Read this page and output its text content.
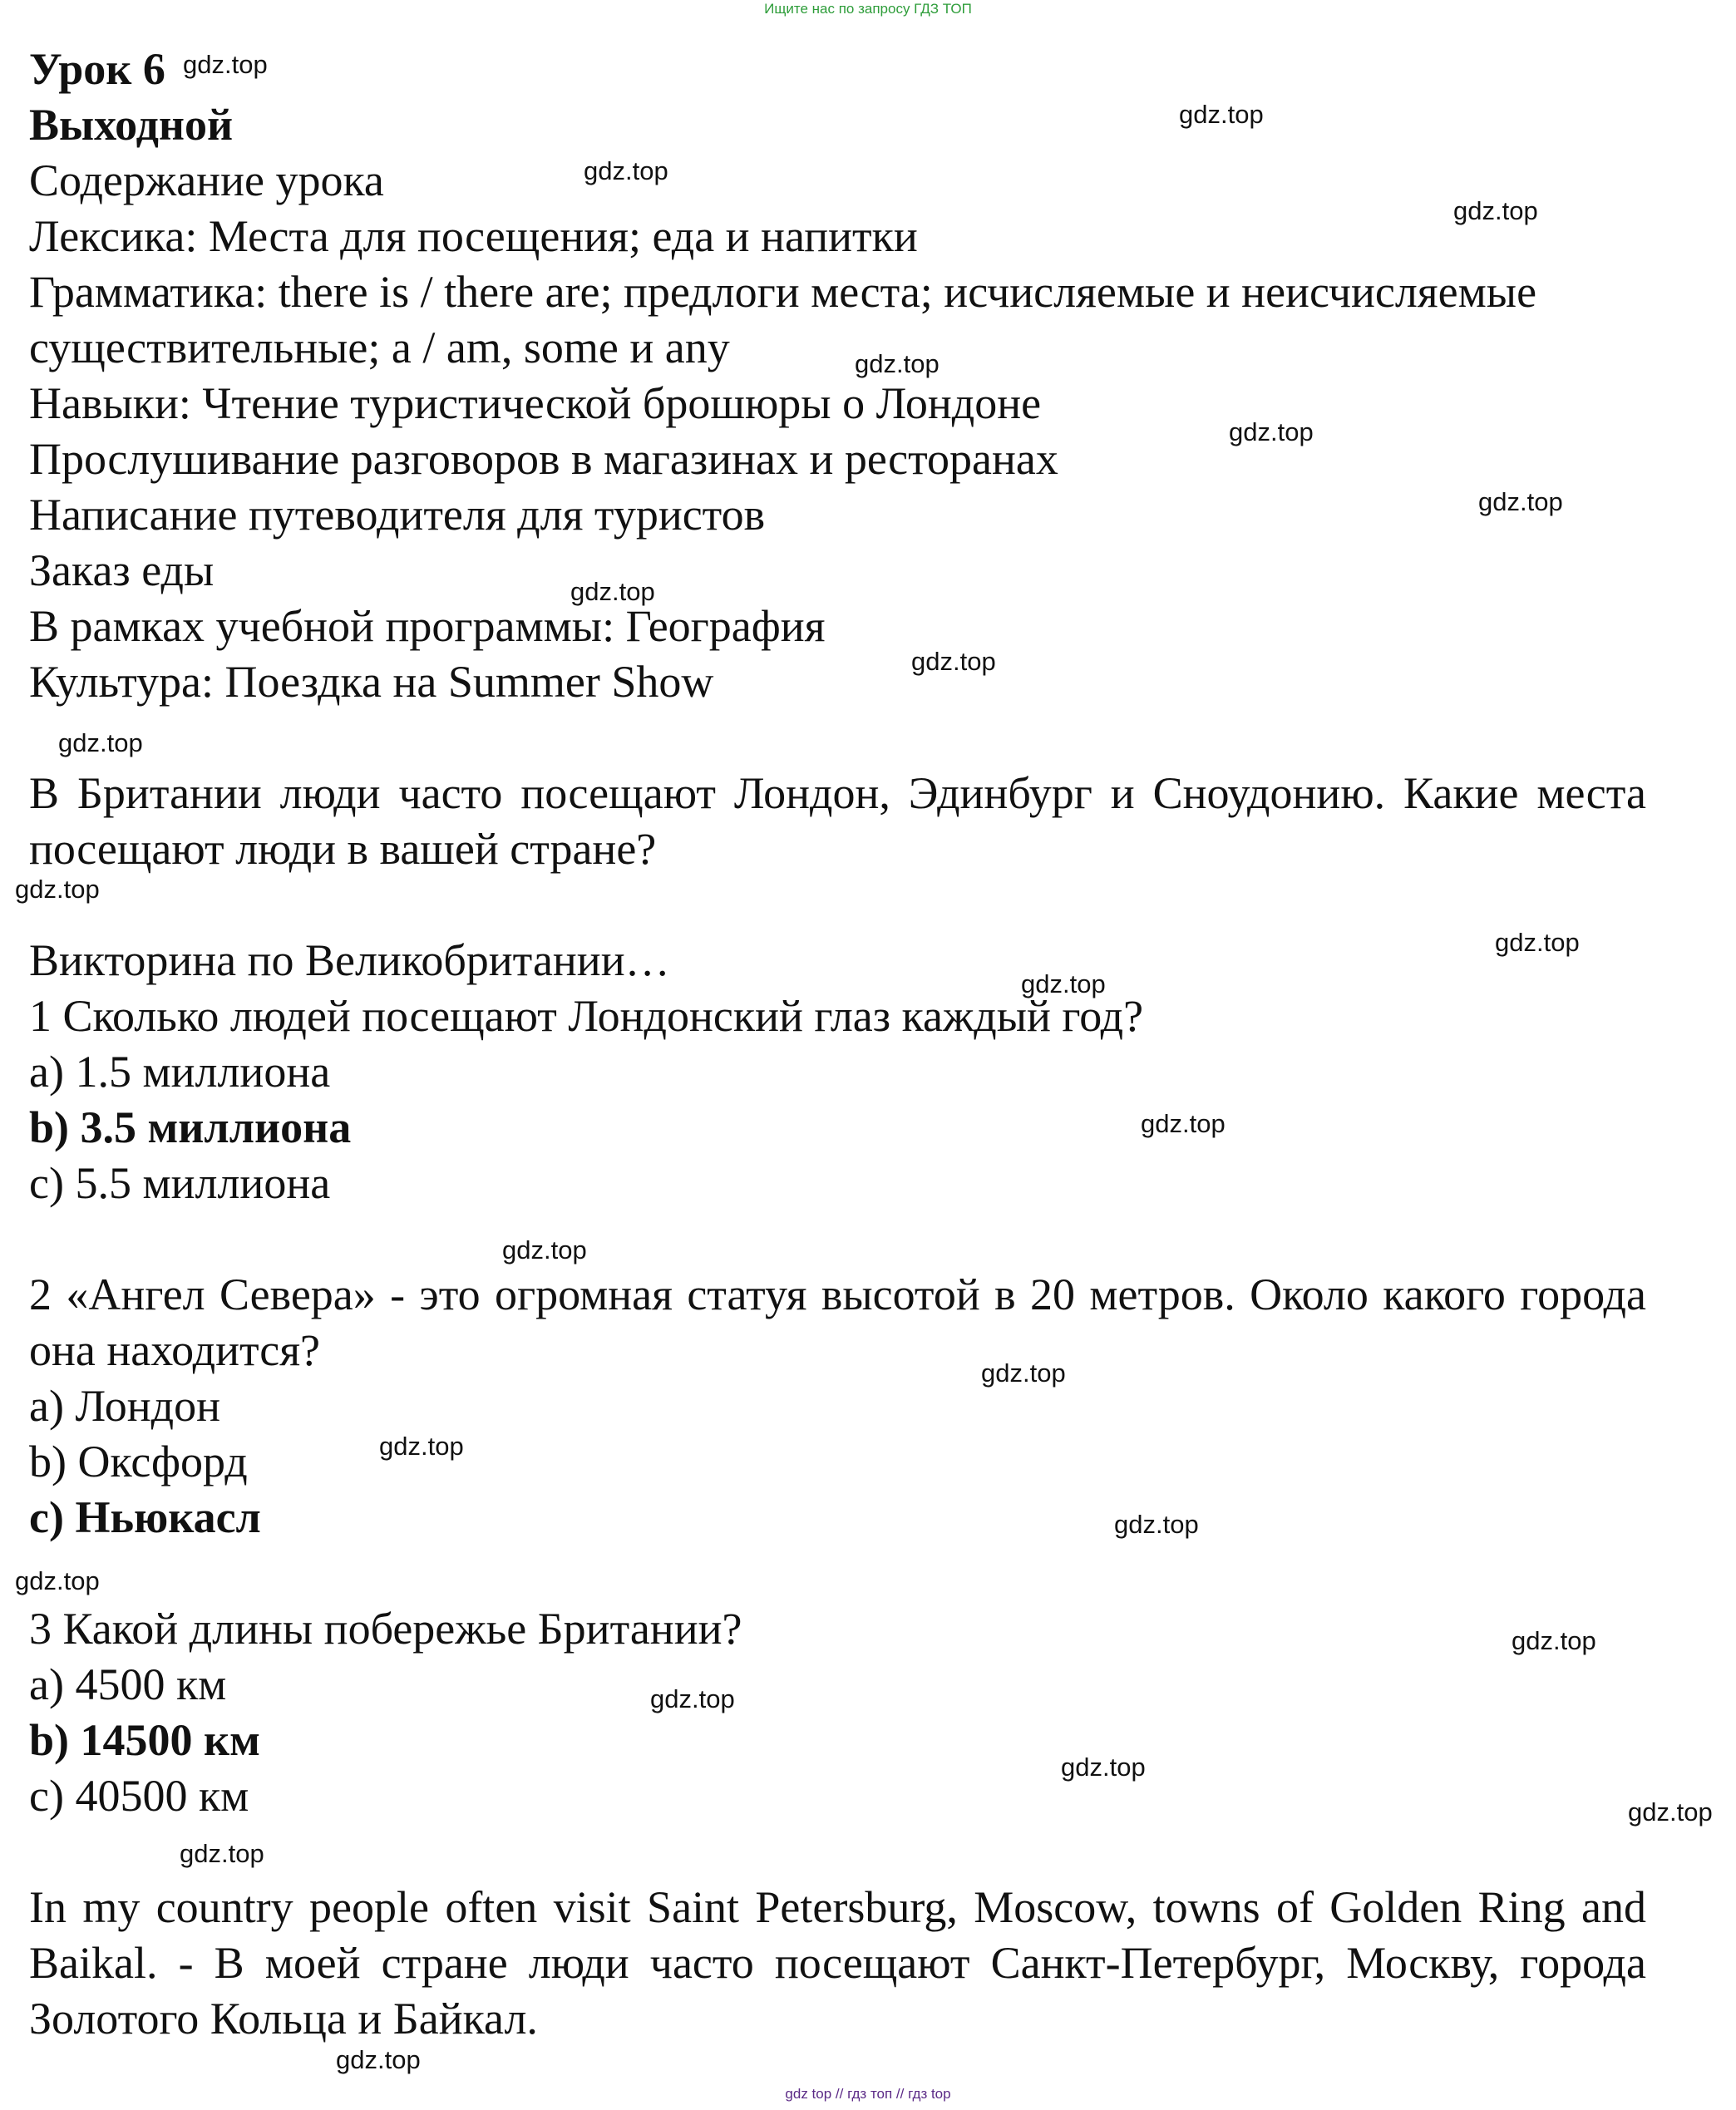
Ищите нас по запросу ГДЗ ТОП

Урок 6

Выходной

Содержание урока

Лексика: Места для посещения; еда и напитки

Грамматика: there is / there are; предлоги места; исчисляемые и неисчисляемые

существительные; a / am, some и any

Навыки: Чтение туристической брошюры о Лондоне

Прослушивание разговоров в магазинах и ресторанах

Написание путеводителя для туристов

Заказ еды

В рамках учебной программы: География

Культура: Поездка на Summer Show

В Британии люди часто посещают Лондон, Эдинбург и Сноудонию. Какие места посещают люди в вашей стране?

Викторина по Великобритании…

1 Сколько людей посещают Лондонский глаз каждый год?

a) 1.5 миллиона

b) 3.5 миллиона

c) 5.5 миллиона

2 «Ангел Севера» - это огромная статуя высотой в 20 метров. Около какого города она находится?

a) Лондон

b) Оксфорд

c) Ньюкасл

3 Какой длины побережье Британии?

a) 4500 км

b) 14500 км

c) 40500 км

In my country people often visit Saint Petersburg, Moscow, towns of Golden Ring and Baikal. - В моей стране люди часто посещают Санкт-Петербург, Москву, города Золотого Кольца и Байкал.

gdz.top
gdz.top
gdz.top
gdz.top
gdz.top
gdz.top
gdz.top
gdz.top
gdz.top
gdz.top
gdz.top
gdz.top
gdz.top
gdz.top
gdz.top
gdz.top
gdz.top
gdz.top
gdz.top
gdz.top
gdz.top
gdz.top
gdz.top
gdz.top
gdz.top
gdz top // гдз топ // гдз top
